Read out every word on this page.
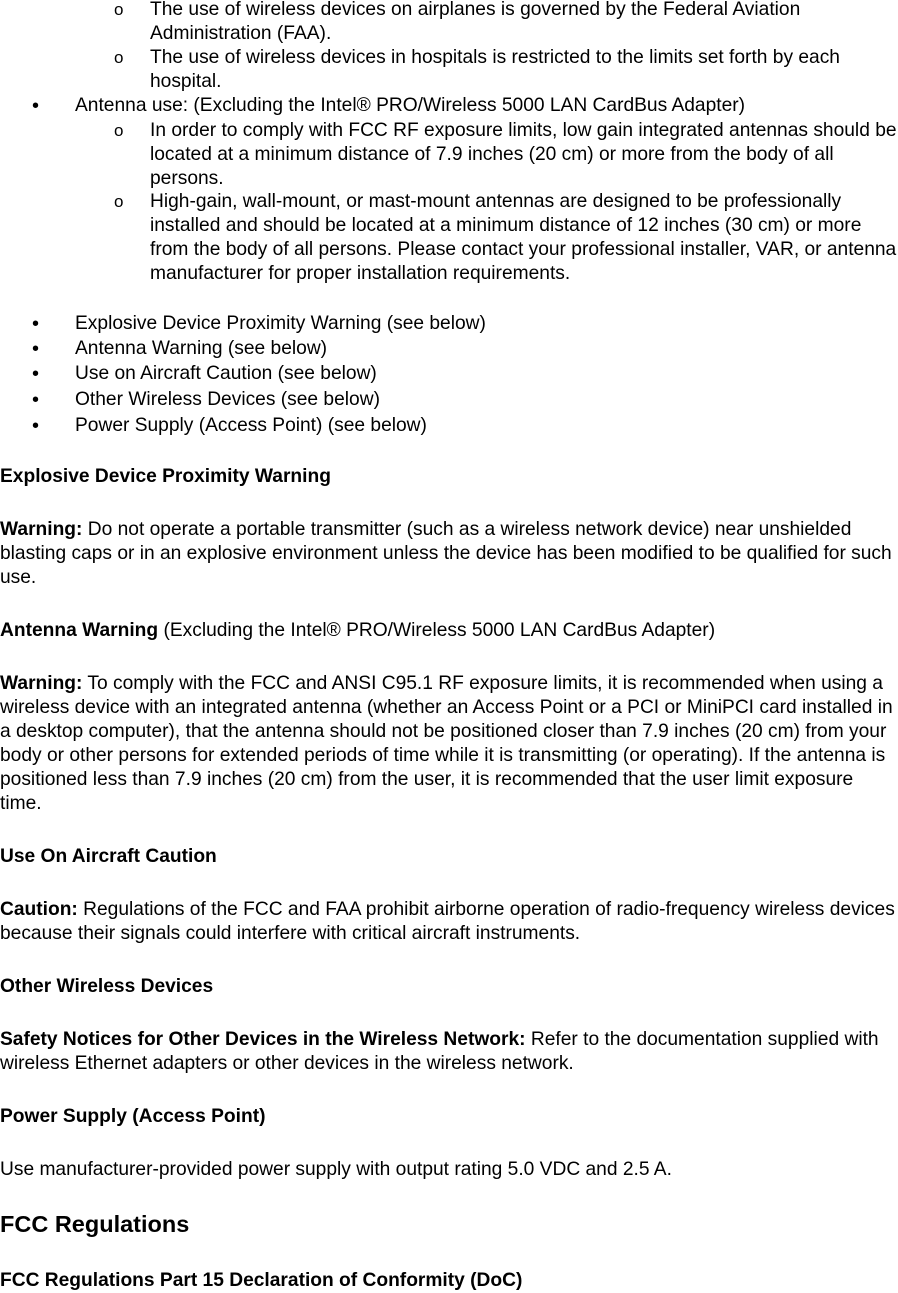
o The use of wireless devices on airplanes is governed by the Federal Aviation Administration (FAA).
o The use of wireless devices in hospitals is restricted to the limits set forth by each hospital.
• Antenna use: (Excluding the Intel® PRO/Wireless 5000 LAN CardBus Adapter)
o In order to comply with FCC RF exposure limits, low gain integrated antennas should be located at a minimum distance of 7.9 inches (20 cm) or more from the body of all persons.
o High-gain, wall-mount, or mast-mount antennas are designed to be professionally installed and should be located at a minimum distance of 12 inches (30 cm) or more from the body of all persons. Please contact your professional installer, VAR, or antenna manufacturer for proper installation requirements.
• Explosive Device Proximity Warning (see below)
• Antenna Warning (see below)
• Use on Aircraft Caution (see below)
• Other Wireless Devices (see below)
• Power Supply (Access Point) (see below)
Explosive Device Proximity Warning
Warning: Do not operate a portable transmitter (such as a wireless network device) near unshielded blasting caps or in an explosive environment unless the device has been modified to be qualified for such use.
Antenna Warning (Excluding the Intel® PRO/Wireless 5000 LAN CardBus Adapter)
Warning: To comply with the FCC and ANSI C95.1 RF exposure limits, it is recommended when using a wireless device with an integrated antenna (whether an Access Point or a PCI or MiniPCI card installed in a desktop computer), that the antenna should not be positioned closer than 7.9 inches (20 cm) from your body or other persons for extended periods of time while it is transmitting (or operating). If the antenna is positioned less than 7.9 inches (20 cm) from the user, it is recommended that the user limit exposure time.
Use On Aircraft Caution
Caution: Regulations of the FCC and FAA prohibit airborne operation of radio-frequency wireless devices because their signals could interfere with critical aircraft instruments.
Other Wireless Devices
Safety Notices for Other Devices in the Wireless Network: Refer to the documentation supplied with wireless Ethernet adapters or other devices in the wireless network.
Power Supply (Access Point)
Use manufacturer-provided power supply with output rating 5.0 VDC and 2.5 A.
FCC Regulations
FCC Regulations Part 15 Declaration of Conformity (DoC)
